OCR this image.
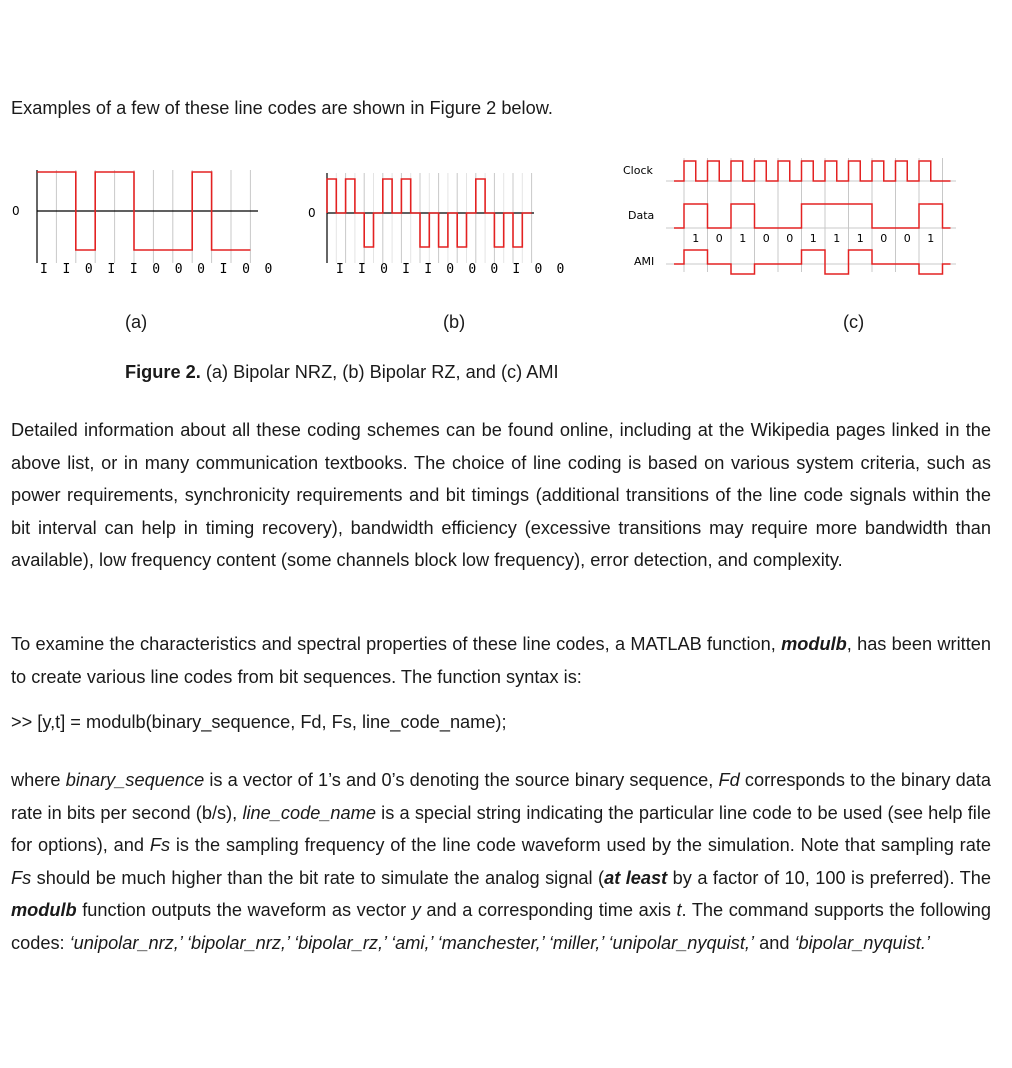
Examples of a few of these line codes are shown in Figure 2 below.

0
I I 0 I I 0 0 0 I 0 0
0
I I 0 I I 0 0 0 I 0 0
Clock
Data
AMI
1 0 1 0 0 1 1 1 0 0 1
(a)	(b)	(c)
Figure 2. (a) Bipolar NRZ, (b) Bipolar RZ, and (c) AMI

Detailed information about all these coding schemes can be found online, including at the Wikipedia pages linked in the above list, or in many communication textbooks. The choice of line coding is based on various system criteria, such as power requirements, synchronicity requirements and bit timings (additional transitions of the line code signals within the bit interval can help in timing recovery), bandwidth efficiency (excessive transitions may require more bandwidth than available), low frequency content (some channels block low frequency), error detection, and complexity.

To examine the characteristics and spectral properties of these line codes, a MATLAB function, modulb, has been written to create various line codes from bit sequences. The function syntax is:

>> [y,t] = modulb(binary_sequence, Fd, Fs, line_code_name);

where binary_sequence is a vector of 1’s and 0’s denoting the source binary sequence, Fd corresponds to the binary data rate in bits per second (b/s), line_code_name is a special string indicating the particular line code to be used (see help file for options), and Fs is the sampling frequency of the line code waveform used by the simulation. Note that sampling rate Fs should be much higher than the bit rate to simulate the analog signal (at least by a factor of 10, 100 is preferred). The modulb function outputs the waveform as vector y and a corresponding time axis t. The command supports the following codes: ‘unipolar_nrz,’ ‘bipolar_nrz,’ ‘bipolar_rz,’ ‘ami,’ ‘manchester,’ ‘miller,’ ‘unipolar_nyquist,’ and ‘bipolar_nyquist.’
